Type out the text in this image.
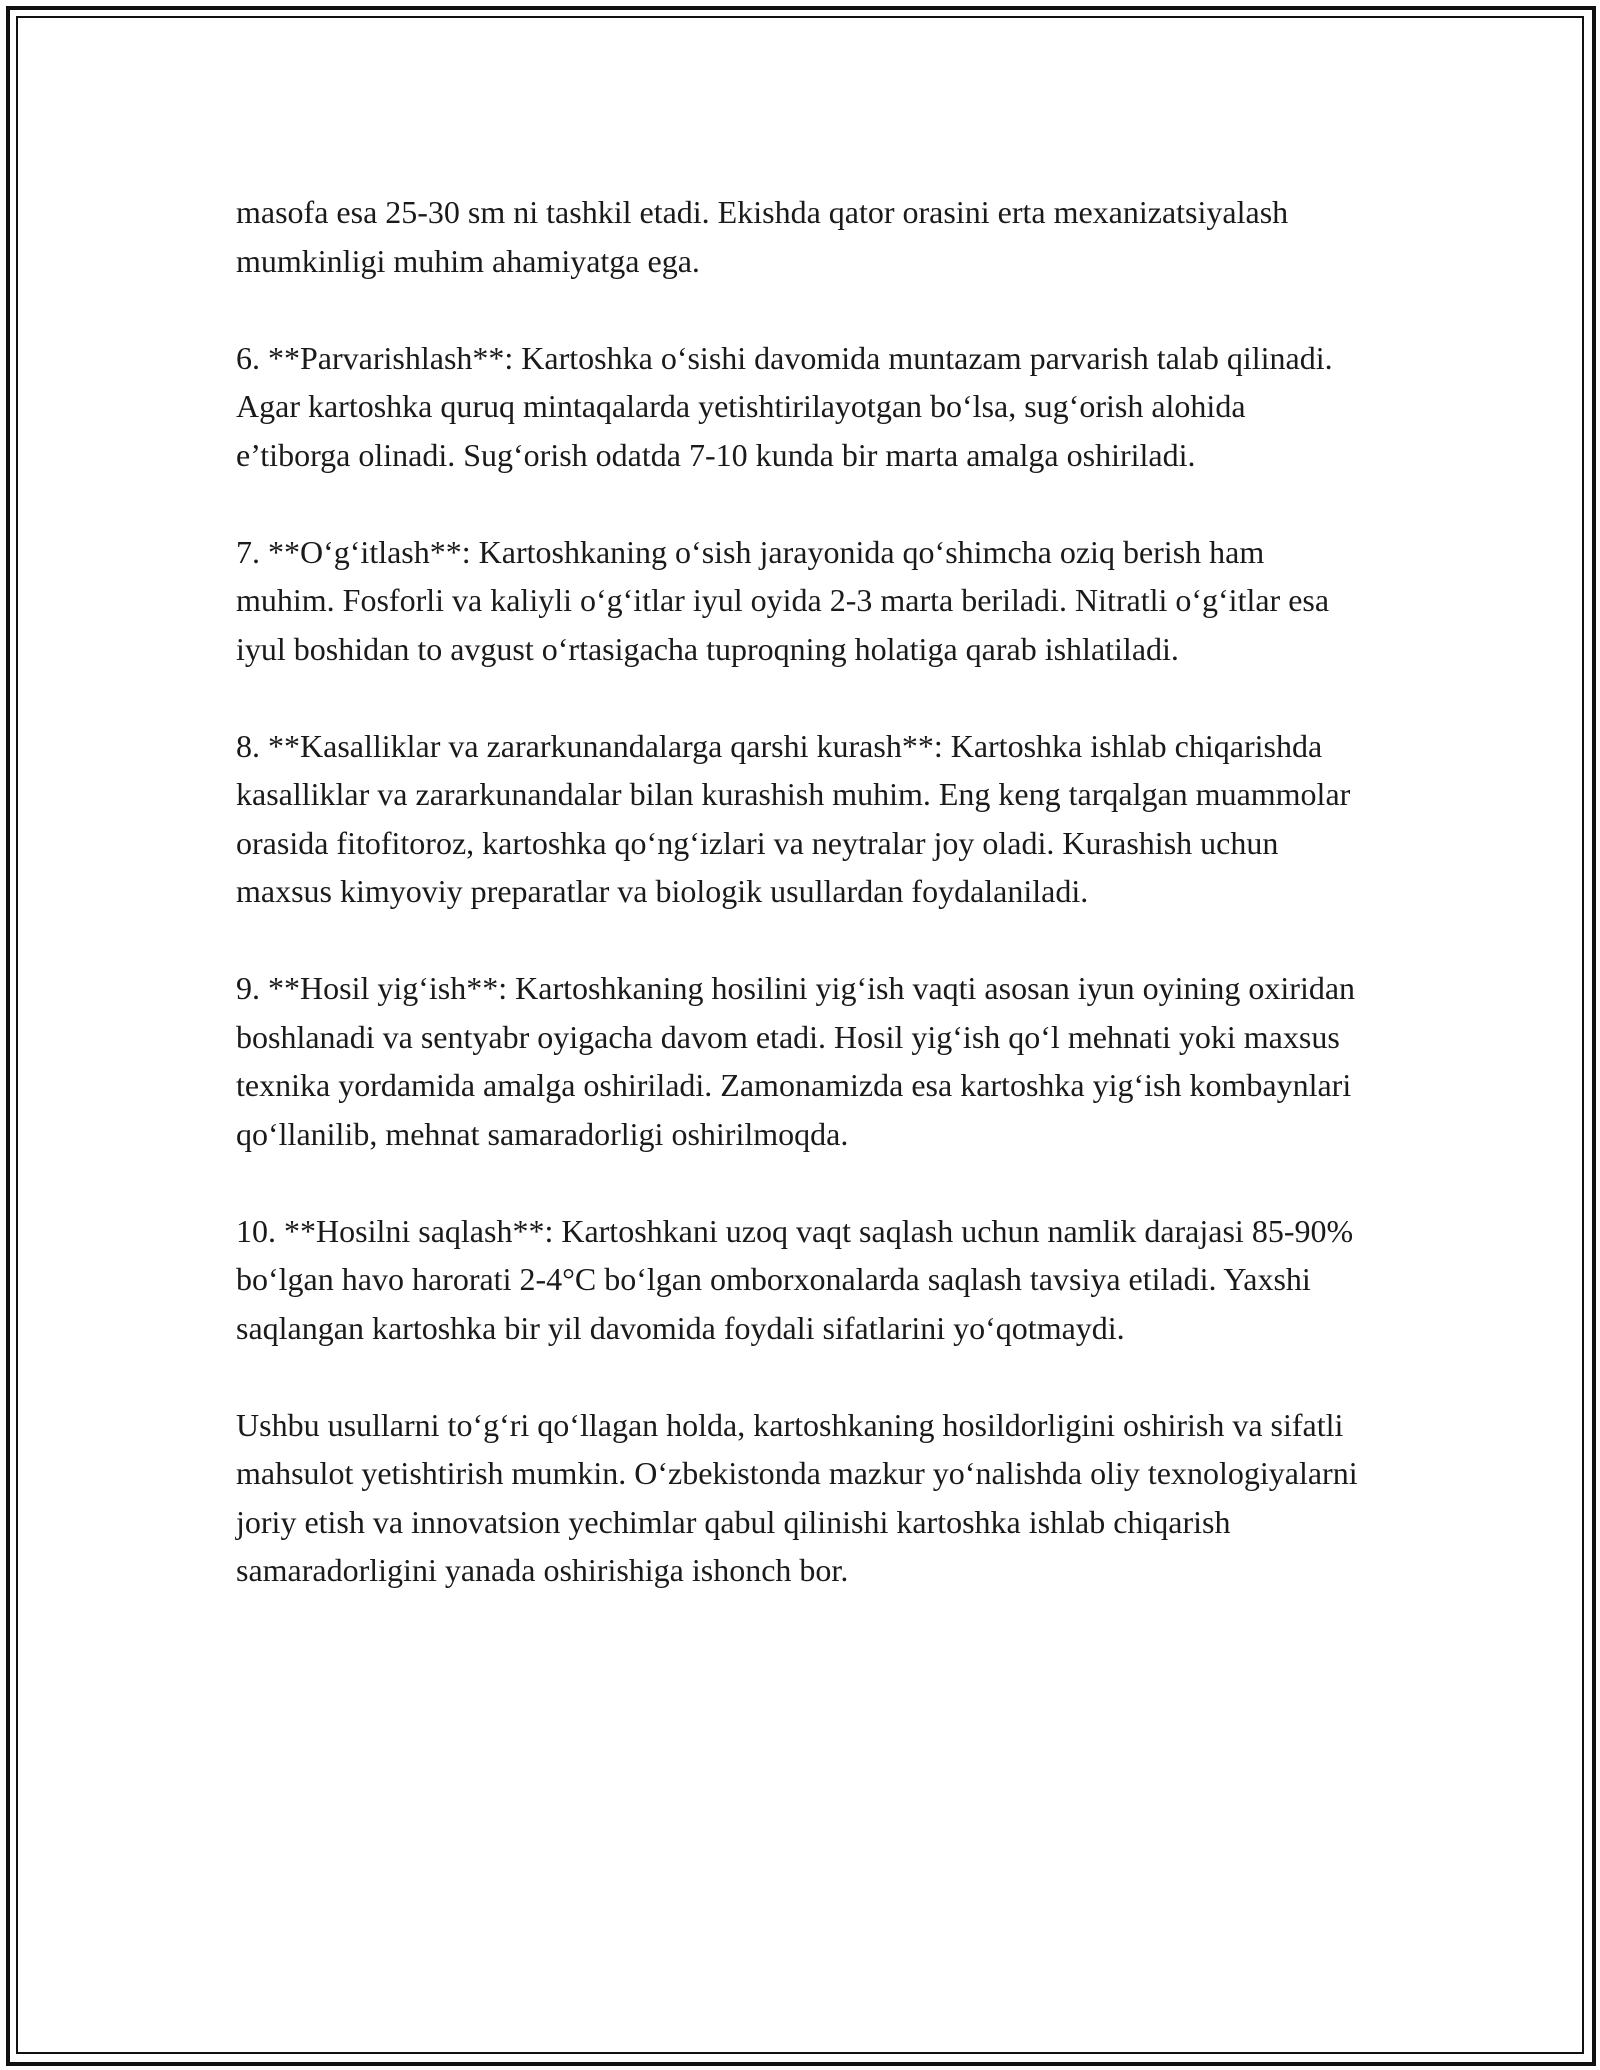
masofa esa 25-30 sm ni tashkil etadi. Ekishda qator orasini erta mexanizatsiyalash mumkinligi muhim ahamiyatga ega.

6. **Parvarishlash**: Kartoshka o‘sishi davomida muntazam parvarish talab qilinadi. Agar kartoshka quruq mintaqalarda yetishtirilayotgan bo‘lsa, sug‘orish alohida e’tiborga olinadi. Sug‘orish odatda 7-10 kunda bir marta amalga oshiriladi.

7. **O‘g‘itlash**: Kartoshkaning o‘sish jarayonida qo‘shimcha oziq berish ham muhim. Fosforli va kaliyli o‘g‘itlar iyul oyida 2-3 marta beriladi. Nitratli o‘g‘itlar esa iyul boshidan to avgust o‘rtasigacha tuproqning holatiga qarab ishlatiladi.

8. **Kasalliklar va zararkunandalarga qarshi kurash**: Kartoshka ishlab chiqarishda kasalliklar va zararkunandalar bilan kurashish muhim. Eng keng tarqalgan muammolar orasida fitofitoroz, kartoshka qo‘ng‘izlari va neytralar joy oladi. Kurashish uchun maxsus kimyoviy preparatlar va biologik usullardan foydalaniladi.

9. **Hosil yig‘ish**: Kartoshkaning hosilini yig‘ish vaqti asosan iyun oyining oxiridan boshlanadi va sentyabr oyigacha davom etadi. Hosil yig‘ish qo‘l mehnati yoki maxsus texnika yordamida amalga oshiriladi. Zamonamizda esa kartoshka yig‘ish kombaynlari qo‘llanilib, mehnat samaradorligi oshirilmoqda.

10. **Hosilni saqlash**: Kartoshkani uzoq vaqt saqlash uchun namlik darajasi 85-90% bo‘lgan havo harorati 2-4°C bo‘lgan omborxonalarda saqlash tavsiya etiladi. Yaxshi saqlangan kartoshka bir yil davomida foydali sifatlarini yo‘qotmaydi.

Ushbu usullarni to‘g‘ri qo‘llagan holda, kartoshkaning hosildorligini oshirish va sifatli mahsulot yetishtirish mumkin. O‘zbekistonda mazkur yo‘nalishda oliy texnologiyalarni joriy etish va innovatsion yechimlar qabul qilinishi kartoshka ishlab chiqarish samaradorligini yanada oshirishiga ishonch bor.
